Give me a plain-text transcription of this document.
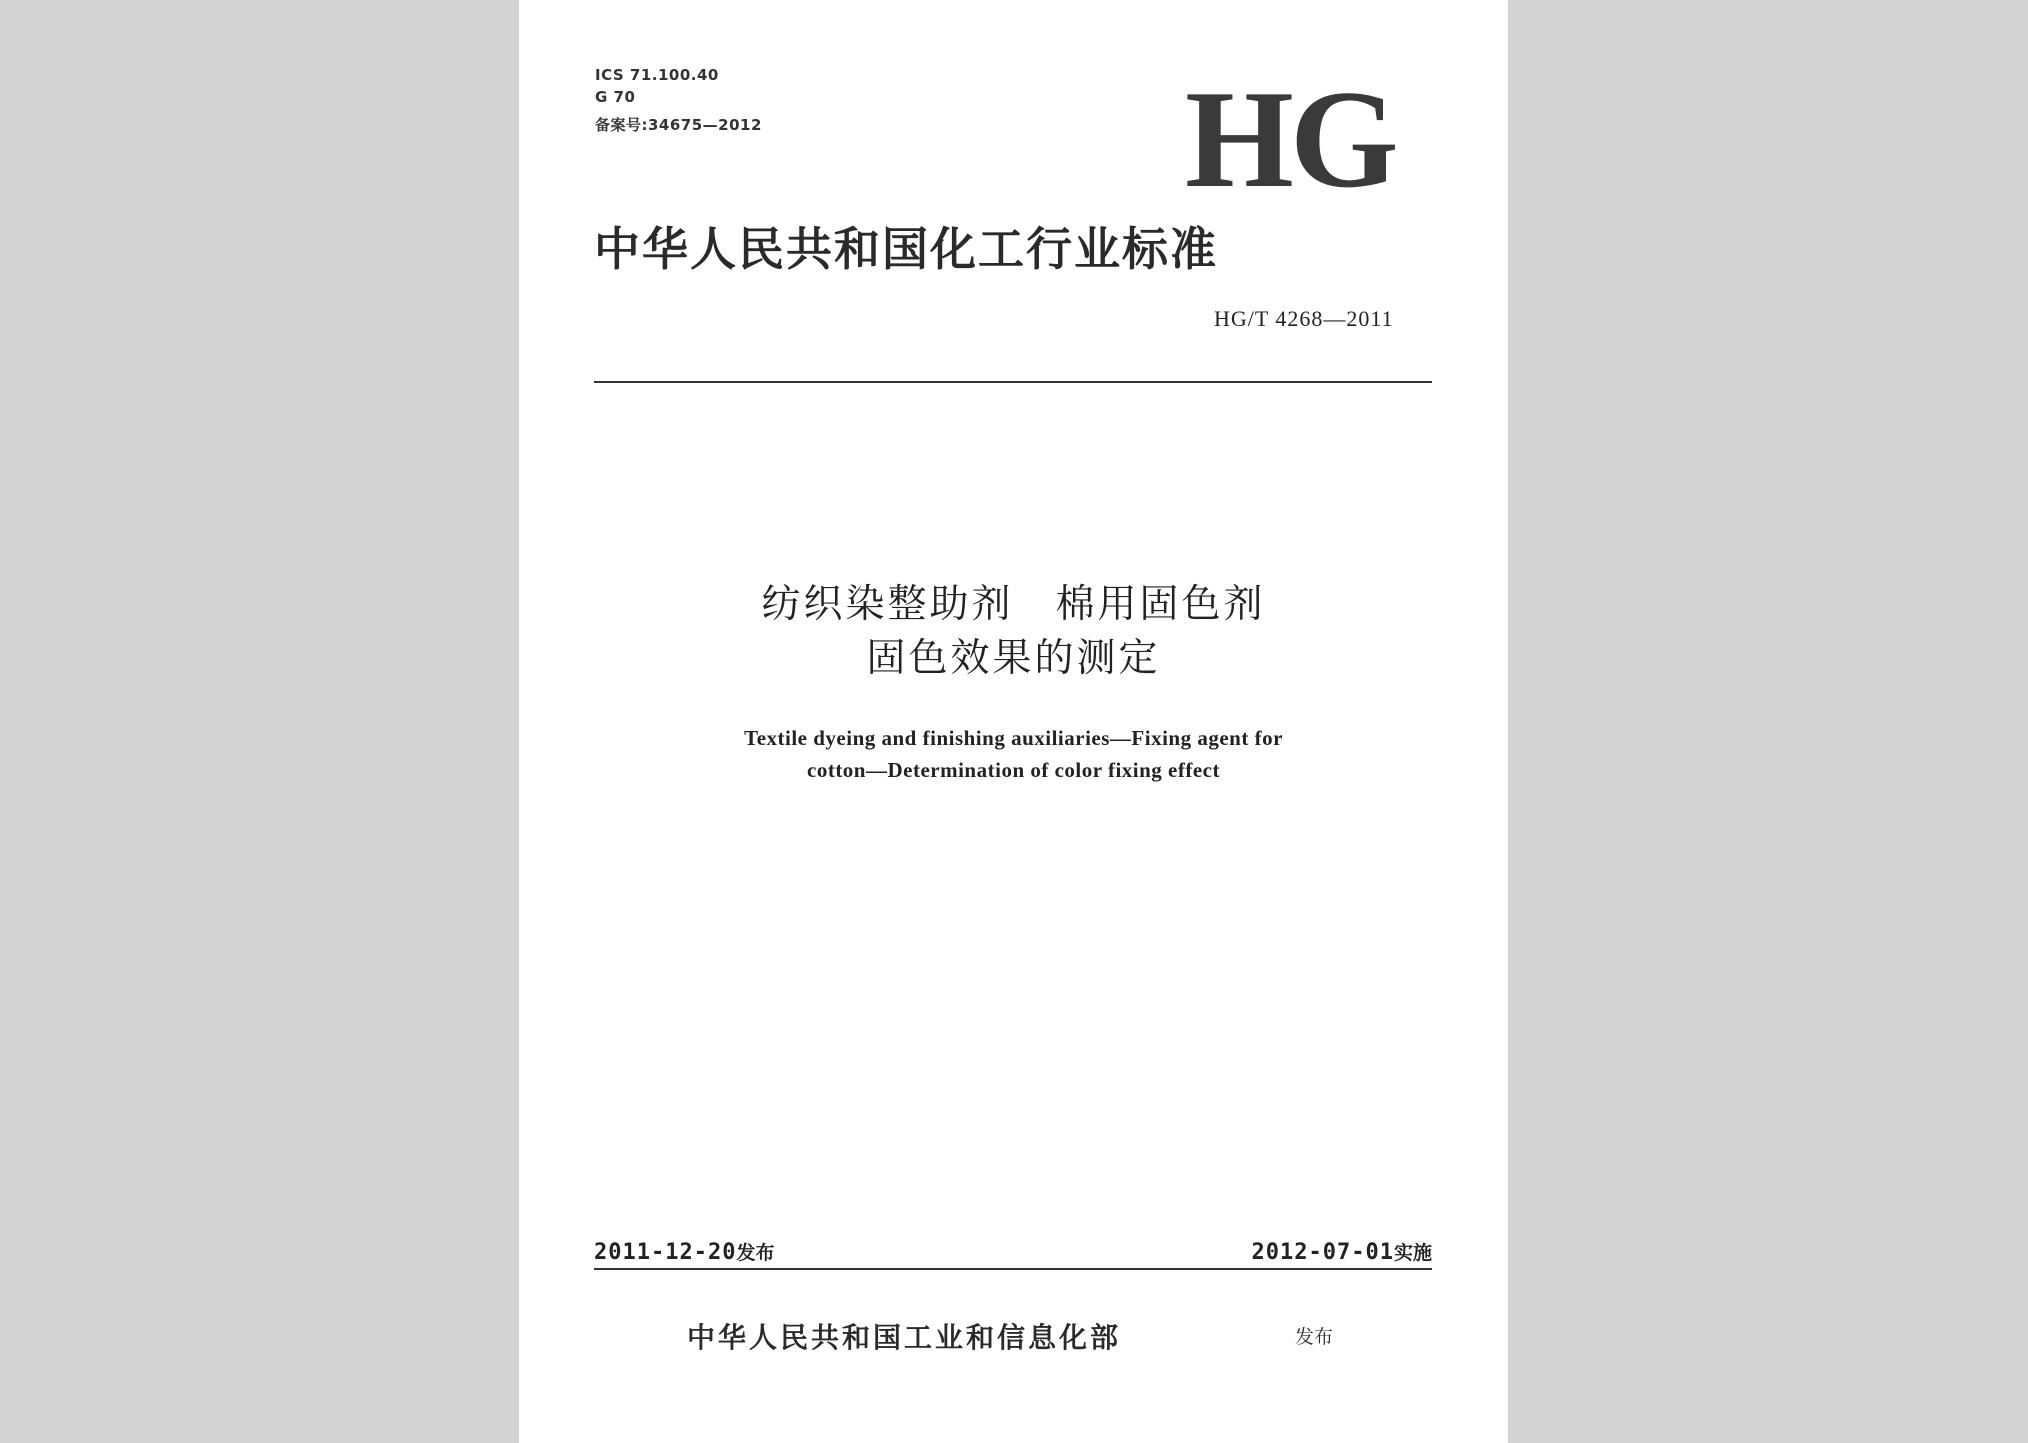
ICS 71.100.40
G 70
备案号:34675—2012	HG
中华人民共和国化工行业标准
HG/T 4268—2011
纺织染整助剂　棉用固色剂
固色效果的测定
Textile dyeing and finishing auxiliaries—Fixing agent for
cotton—Determination of color fixing effect
2011-12-20发布	2012-07-01实施
中华人民共和国工业和信息化部	发布
